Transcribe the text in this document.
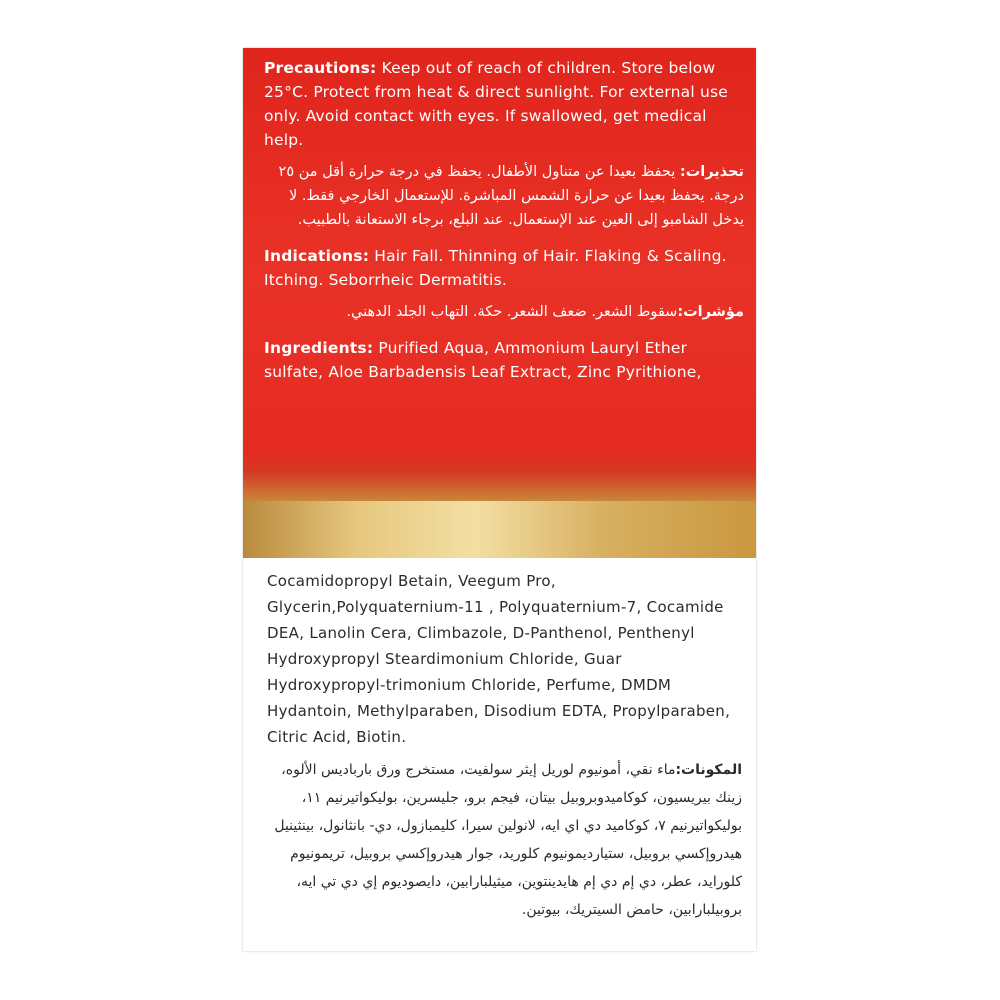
Precautions: Keep out of reach of children. Store below 25°C. Protect from heat & direct sunlight. For external use only. Avoid contact with eyes. If swallowed, get medical help.

تحذيرات: يحفظ بعيدا عن متناول الأطفال. يحفظ في درجة حرارة أقل من ٢٥ درجة. يحفظ بعيدا عن حرارة الشمس المباشرة. للإستعمال الخارجي فقط. لا يدخل الشامبو إلى العين عند الإستعمال. عند البلع، برجاء الاستعانة بالطبيب.

Indications: Hair Fall. Thinning of Hair. Flaking & Scaling. Itching. Seborrheic Dermatitis.

مؤشرات:سقوط الشعر. ضعف الشعر. حكة. التهاب الجلد الدهني.

Ingredients: Purified Aqua, Ammonium Lauryl Ether sulfate, Aloe Barbadensis Leaf Extract, Zinc Pyrithione,

Cocamidopropyl Betain, Veegum Pro, Glycerin,Polyquaternium-11 , Polyquaternium-7, Cocamide DEA, Lanolin Cera, Climbazole, D-Panthenol, Penthenyl Hydroxypropyl Steardimonium Chloride, Guar Hydroxypropyl-trimonium Chloride, Perfume, DMDM Hydantoin, Methylparaben, Disodium EDTA, Propylparaben, Citric Acid, Biotin.

المكونات:ماء نقي، أمونيوم لوريل إيثر سولفيت، مستخرج ورق بارباديس الألوه، زينك بيريسيون، كوكاميدوبروبيل بيتان، فيجم برو، جليسرين، بوليكواتيرنيم ١١، بوليكواتيرنيم ٧، كوكاميد دي اي ايه، لانولين سيرا، كليمبازول، دي- بانثانول، بينثينيل هيدروإكسي بروبيل، ستيارديمونيوم كلوريد، جوار هيدروإكسي بروبيل، تريمونيوم كلورايد، عطر، دي إم دي إم هايدينتوين، ميثيلبارابين، دايصوديوم إي دي تي ايه، بروبيلبارابين، حامض السيتريك، بيوتين.
